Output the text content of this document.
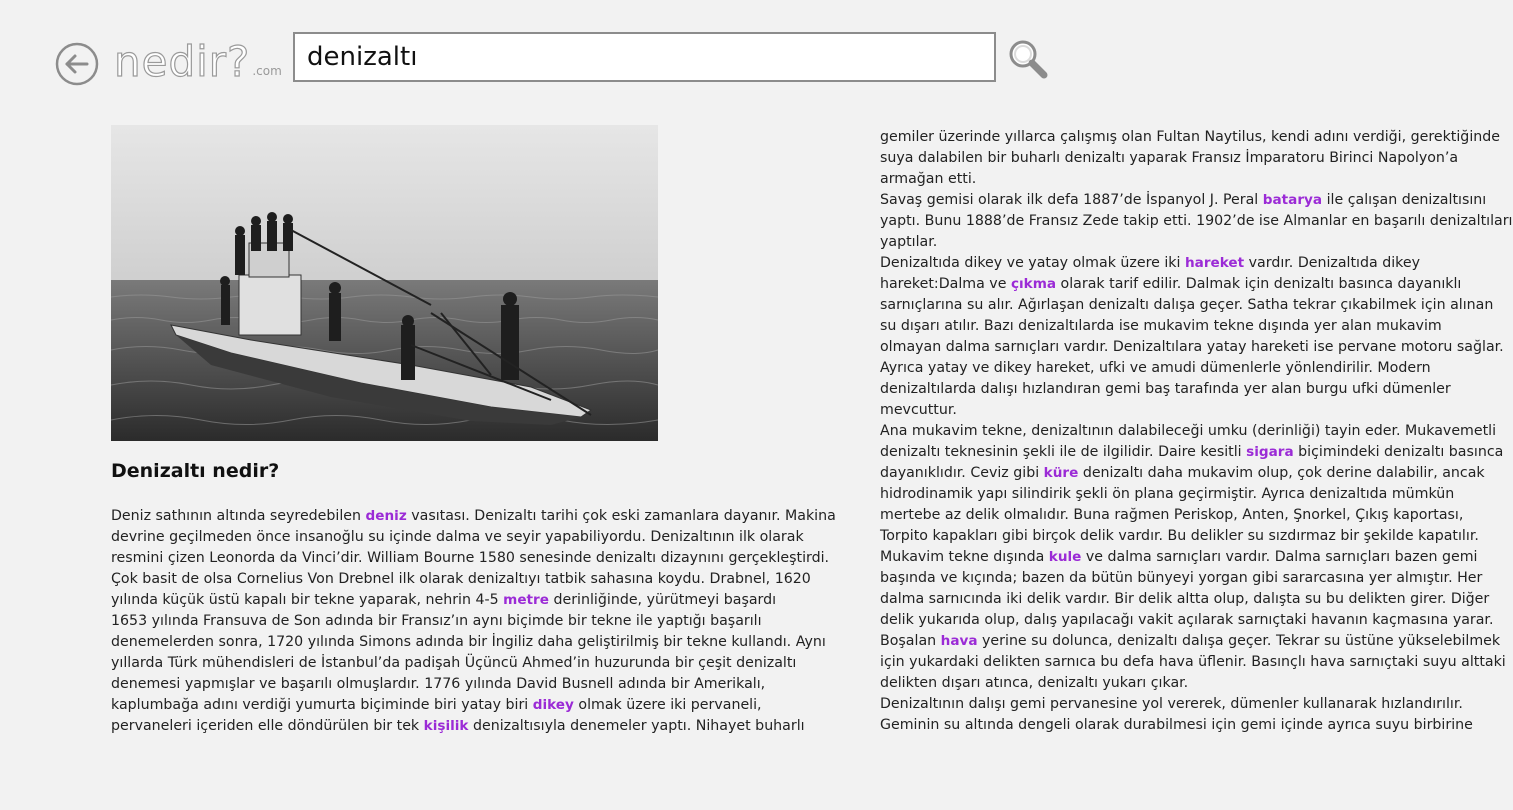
nedir? .com
denizaltı
Denizaltı nedir?
Deniz sathının altında seyredebilen deniz vasıtası. Denizaltı tarihi çok eski zamanlara dayanır. Makina
devrine geçilmeden önce insanoğlu su içinde dalma ve seyir yapabiliyordu. Denizaltının ilk olarak
resmini çizen Leonorda da Vinci’dir. William Bourne 1580 senesinde denizaltı dizaynını gerçekleştirdi.
Çok basit de olsa Cornelius Von Drebnel ilk olarak denizaltıyı tatbik sahasına koydu. Drabnel, 1620
yılında küçük üstü kapalı bir tekne yaparak, nehrin 4-5 metre derinliğinde, yürütmeyi başardı
1653 yılında Fransuva de Son adında bir Fransız’ın aynı biçimde bir tekne ile yaptığı başarılı
denemelerden sonra, 1720 yılında Simons adında bir İngiliz daha geliştirilmiş bir tekne kullandı. Aynı
yıllarda Türk mühendisleri de İstanbul’da padişah Üçüncü Ahmed’in huzurunda bir çeşit denizaltı
denemesi yapmışlar ve başarılı olmuşlardır. 1776 yılında David Busnell adında bir Amerikalı,
kaplumbağa adını verdiği yumurta biçiminde biri yatay biri dikey olmak üzere iki pervaneli,
pervaneleri içeriden elle döndürülen bir tek kişilik denizaltısıyla denemeler yaptı. Nihayet buharlı
gemiler üzerinde yıllarca çalışmış olan Fultan Naytilus, kendi adını verdiği, gerektiğinde
suya dalabilen bir buharlı denizaltı yaparak Fransız İmparatoru Birinci Napolyon’a
armağan etti.
Savaş gemisi olarak ilk defa 1887’de İspanyol J. Peral batarya ile çalışan denizaltısını
yaptı. Bunu 1888’de Fransız Zede takip etti. 1902’de ise Almanlar en başarılı denizaltıları
yaptılar.
Denizaltıda dikey ve yatay olmak üzere iki hareket vardır. Denizaltıda dikey
hareket:Dalma ve çıkma olarak tarif edilir. Dalmak için denizaltı basınca dayanıklı
sarnıçlarına su alır. Ağırlaşan denizaltı dalışa geçer. Satha tekrar çıkabilmek için alınan
su dışarı atılır. Bazı denizaltılarda ise mukavim tekne dışında yer alan mukavim
olmayan dalma sarnıçları vardır. Denizaltılara yatay hareketi ise pervane motoru sağlar.
Ayrıca yatay ve dikey hareket, ufki ve amudi dümenlerle yönlendirilir. Modern
denizaltılarda dalışı hızlandıran gemi baş tarafında yer alan burgu ufki dümenler
mevcuttur.
Ana mukavim tekne, denizaltının dalabileceği umku (derinliği) tayin eder. Mukavemetli
denizaltı teknesinin şekli ile de ilgilidir. Daire kesitli sigara biçimindeki denizaltı basınca
dayanıklıdır. Ceviz gibi küre denizaltı daha mukavim olup, çok derine dalabilir, ancak
hidrodinamik yapı silindirik şekli ön plana geçirmiştir. Ayrıca denizaltıda mümkün
mertebe az delik olmalıdır. Buna rağmen Periskop, Anten, Şnorkel, Çıkış kaportası,
Torpito kapakları gibi birçok delik vardır. Bu delikler su sızdırmaz bir şekilde kapatılır.
Mukavim tekne dışında kule ve dalma sarnıçları vardır. Dalma sarnıçları bazen gemi
başında ve kıçında; bazen da bütün bünyeyi yorgan gibi sararcasına yer almıştır. Her
dalma sarnıcında iki delik vardır. Bir delik altta olup, dalışta su bu delikten girer. Diğer
delik yukarıda olup, dalış yapılacağı vakit açılarak sarnıçtaki havanın kaçmasına yarar.
Boşalan hava yerine su dolunca, denizaltı dalışa geçer. Tekrar su üstüne yükselebilmek
için yukardaki delikten sarnıca bu defa hava üflenir. Basınçlı hava sarnıçtaki suyu alttaki
delikten dışarı atınca, denizaltı yukarı çıkar.
Denizaltının dalışı gemi pervanesine yol vererek, dümenler kullanarak hızlandırılır.
Geminin su altında dengeli olarak durabilmesi için gemi içinde ayrıca suyu birbirine
